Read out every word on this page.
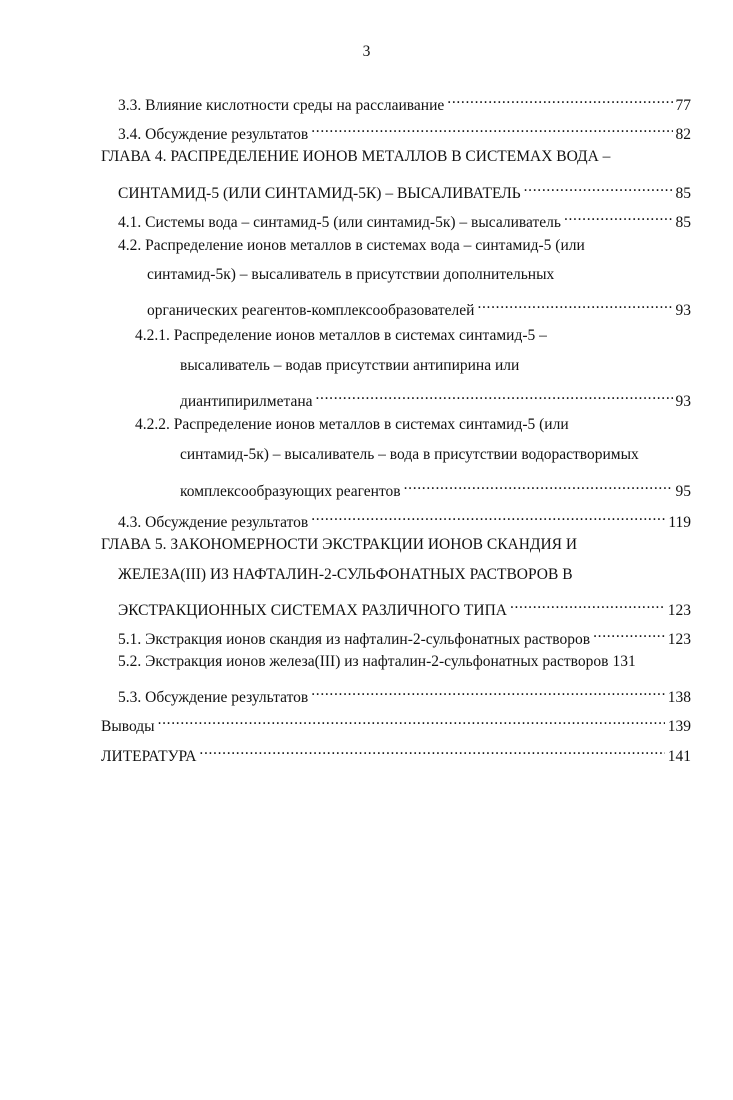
3
3.3. Влияние кислотности среды на расслаивание . . .	77
3.4. Обсуждение результатов . . .	82
ГЛАВА 4. РАСПРЕДЕЛЕНИЕ ИОНОВ МЕТАЛЛОВ В СИСТЕМАХ ВОДА –
СИНТАМИД-5 (ИЛИ СИНТАМИД-5К) – ВЫСАЛИВАТЕЛЬ . . .	85
4.1. Системы вода – синтамид-5 (или синтамид-5к) – высаливатель . . .	85
4.2. Распределение ионов металлов в системах вода – синтамид-5 (или
синтамид-5к) – высаливатель в присутствии дополнительных
органических реагентов-комплексообразователей . . .	93
4.2.1. Распределение ионов металлов в системах синтамид-5 –
высаливатель – водав присутствии антипирина или
диантипирилметана . . .	93
4.2.2. Распределение ионов металлов в системах синтамид-5 (или
синтамид-5к) – высаливатель – вода в присутствии водорастворимых
комплексообразующих реагентов . . .	95
4.3. Обсуждение результатов . . .	119
ГЛАВА 5. ЗАКОНОМЕРНОСТИ ЭКСТРАКЦИИ ИОНОВ СКАНДИЯ И
ЖЕЛЕЗА(III) ИЗ НАФТАЛИН-2-СУЛЬФОНАТНЫХ РАСТВОРОВ В
ЭКСТРАКЦИОННЫХ СИСТЕМАХ РАЗЛИЧНОГО ТИПА . . .	123
5.1. Экстракция ионов скандия из нафталин-2-сульфонатных растворов . . .	123
5.2. Экстракция ионов железа(III) из нафталин-2-сульфонатных растворов 131
5.3. Обсуждение результатов . . .	138
Выводы . . .	139
ЛИТЕРАТУРА . . .	141
